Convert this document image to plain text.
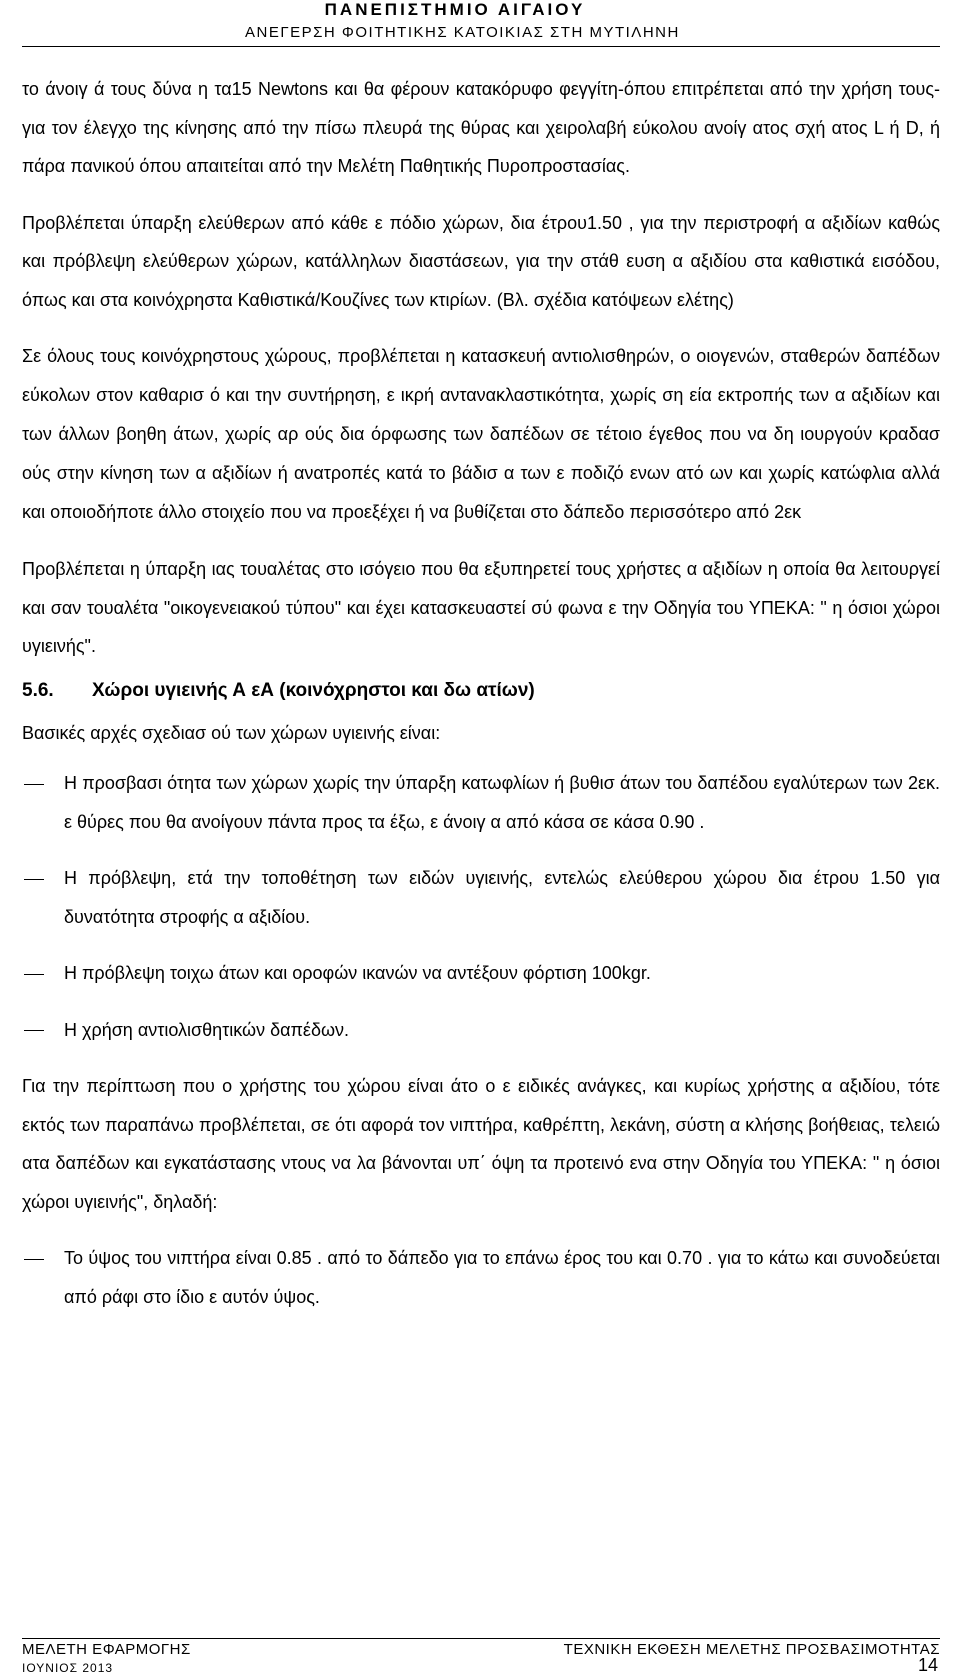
ΠΑΝΕΠΙΣΤΗΜΙΟ ΑΙΓΑΙΟΥ
ΑΝΕΓΕΡΣΗ ΦΟΙΤΗΤΙΚΗΣ ΚΑΤΟΙΚΙΑΣ ΣΤΗ ΜΥΤΙΛΗΝΗ

το άνοιγ ά τους δύνα η τα15 Newtons και θα φέρουν κατακόρυφο φεγγίτη-όπου επιτρέπεται από την χρήση τους- για τον έλεγχο της κίνησης από την πίσω πλευρά της θύρας και χειρολαβή εύκολου ανοίγ ατος σχή ατος L ή D, ή πάρα πανικού όπου απαιτείται από την Μελέτη Παθητικής Πυροπροστασίας.

Προβλέπεται ύπαρξη ελεύθερων από κάθε ε πόδιο χώρων, δια έτρου1.50 , για την περιστροφή α αξιδίων καθώς και πρόβλεψη ελεύθερων χώρων, κατάλληλων διαστάσεων, για την στάθ ευση α αξιδίου στα καθιστικά εισόδου, όπως και στα κοινόχρηστα Καθιστικά/Κουζίνες των κτιρίων. (Βλ. σχέδια κατόψεων ελέτης)

Σε όλους τους κοινόχρηστους χώρους, προβλέπεται η κατασκευή αντιολισθηρών, ο οιογενών, σταθερών δαπέδων εύκολων στον καθαρισ ό και την συντήρηση, ε ικρή αντανακλαστικότητα, χωρίς ση εία εκτροπής των α αξιδίων και των άλλων βοηθη άτων, χωρίς αρ ούς δια όρφωσης των δαπέδων σε τέτοιο έγεθος που να δη ιουργούν κραδασ ούς στην κίνηση των α αξιδίων ή ανατροπές κατά το βάδισ α των ε ποδιζό ενων ατό ων και χωρίς κατώφλια αλλά και οποιοδήποτε άλλο στοιχείο που να προεξέχει ή να βυθίζεται στο δάπεδο περισσότερο από 2εκ

Προβλέπεται η ύπαρξη ιας τουαλέτας στο ισόγειο που θα εξυπηρετεί τους χρήστες α αξιδίων η οποία θα λειτουργεί και σαν τουαλέτα "οικογενειακού τύπου" και έχει κατασκευαστεί σύ φωνα ε την Οδηγία του ΥΠΕΚΑ: " η όσιοι χώροι υγιεινής".

5.6.	Χώροι υγιεινής Α εΑ (κοινόχρηστοι και δω ατίων)

Βασικές αρχές σχεδιασ ού των χώρων υγιεινής είναι:

Η προσβασι ότητα των χώρων χωρίς την ύπαρξη κατωφλίων ή βυθισ άτων του δαπέδου εγαλύτερων των 2εκ. ε θύρες που θα ανοίγουν πάντα προς τα έξω, ε άνοιγ α από κάσα σε κάσα 0.90 .
Η πρόβλεψη, ετά την τοποθέτηση των ειδών υγιεινής, εντελώς ελεύθερου χώρου δια έτρου 1.50 για δυνατότητα στροφής α αξιδίου.
Η πρόβλεψη τοιχω άτων και οροφών ικανών να αντέξουν φόρτιση 100kgr.
Η χρήση αντιολισθητικών δαπέδων.

Για την περίπτωση που ο χρήστης του χώρου είναι άτο ο ε ειδικές ανάγκες, και κυρίως χρήστης α αξιδίου, τότε εκτός των παραπάνω προβλέπεται, σε ότι αφορά τον νιπτήρα, καθρέπτη, λεκάνη, σύστη α κλήσης βοήθειας, τελειώ ατα δαπέδων και εγκατάστασης ντους να λα βάνονται υπ΄ όψη τα προτεινό ενα στην Οδηγία του ΥΠΕΚΑ: " η όσιοι χώροι υγιεινής", δηλαδή:

Το ύψος του νιπτήρα είναι 0.85 . από το δάπεδο για το επάνω έρος του και 0.70 . για το κάτω και συνοδεύεται από ράφι στο ίδιο ε αυτόν ύψος.
ΜΕΛΕΤΗ ΕΦΑΡΜΟΓΗΣ	ΤΕΧΝΙΚΗ ΕΚΘΕΣΗ ΜΕΛΕΤΗΣ ΠΡΟΣΒΑΣΙΜΟΤΗΤΑΣ
ΙΟΥΝΙΟΣ 2013	14
